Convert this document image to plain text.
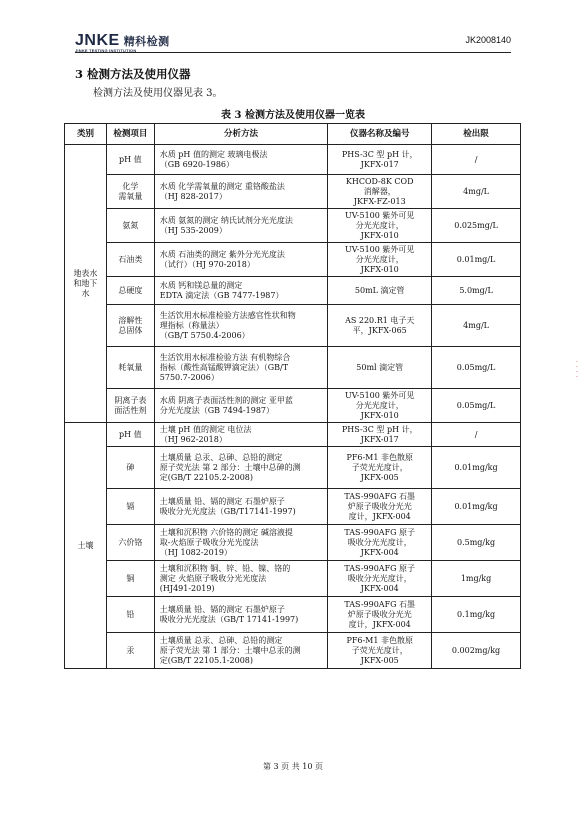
JNKE 精科检测
JINKE TESTING INSTITUTION
JK2008140
3 检测方法及使用仪器
检测方法及使用仪器见表 3。
表 3 检测方法及使用仪器一览表
类别	检测项目	分析方法	仪器名称及编号	检出限
地表水
和地下
水	pH 值	水质 pH 值的测定 玻璃电极法
（GB 6920-1986）	PHS-3C 型 pH 计，
JKFX-017	/
	化学
需氧量	水质 化学需氧量的测定 重铬酸盐法
（HJ 828-2017）	KHCOD-8K COD
消解器，
JKFX-FZ-013	4mg/L
	氨氮	水质 氨氮的测定 纳氏试剂分光光度法
（HJ 535-2009）	UV-5100 紫外可见
分光光度计，
JKFX-010	0.025mg/L
	石油类	水质 石油类的测定 紫外分光光度法
（试行）（HJ 970-2018）	UV-5100 紫外可见
分光光度计，
JKFX-010	0.01mg/L
	总硬度	水质 钙和镁总量的测定
EDTA 滴定法（GB 7477-1987）	50mL 滴定管	5.0mg/L
	溶解性
总固体	生活饮用水标准检验方法感官性状和物
理指标（称量法）
（GB/T 5750.4-2006）	AS 220.R1 电子天
平，JKFX-065	4mg/L
	耗氧量	生活饮用水标准检验方法 有机物综合
指标（酸性高锰酸钾滴定法）（GB/T
5750.7-2006）	50ml 滴定管	0.05mg/L
	阴离子表
面活性剂	水质 阴离子表面活性剂的测定 亚甲蓝
分光光度法（GB 7494-1987）	UV-5100 紫外可见
分光光度计，
JKFX-010	0.05mg/L
土壤	pH 值	土壤 pH 值的测定 电位法
（HJ 962-2018）	PHS-3C 型 pH 计，
JKFX-017	/
	砷	土壤质量 总汞、总砷、总铅的测定
原子荧光法 第 2 部分：土壤中总砷的测
定(GB/T 22105.2-2008)	PF6-M1 非色散原
子荧光光度计，
JKFX-005	0.01mg/kg
	镉	土壤质量 铅、镉的测定 石墨炉原子
吸收分光光度法（GB/T17141-1997)	TAS-990AFG 石墨
炉原子吸收分光光
度计，JKFX-004	0.01mg/kg
	六价铬	土壤和沉积物 六价铬的测定 碱溶液提
取-火焰原子吸收分光光度法
（HJ 1082-2019）	TAS-990AFG 原子
吸收分光光度计，
JKFX-004	0.5mg/kg
	铜	土壤和沉积物 铜、锌、铅、镍、铬的
测定 火焰原子吸收分光光度法
(HJ491-2019)	TAS-990AFG 原子
吸收分光光度计，
JKFX-004	1mg/kg
	铅	土壤质量 铅、镉的测定 石墨炉原子
吸收分光光度法（GB/T 17141-1997)	TAS-990AFG 石墨
炉原子吸收分光光
度计，JKFX-004	0.1mg/kg
	汞	土壤质量 总汞、总砷、总铅的测定
原子荧光法 第 1 部分：土壤中总汞的测
定(GB/T 22105.1-2008)	PF6-M1 非色散原
子荧光光度计，
JKFX-005	0.002mg/kg
· · · ·
第 3 页 共 10 页
